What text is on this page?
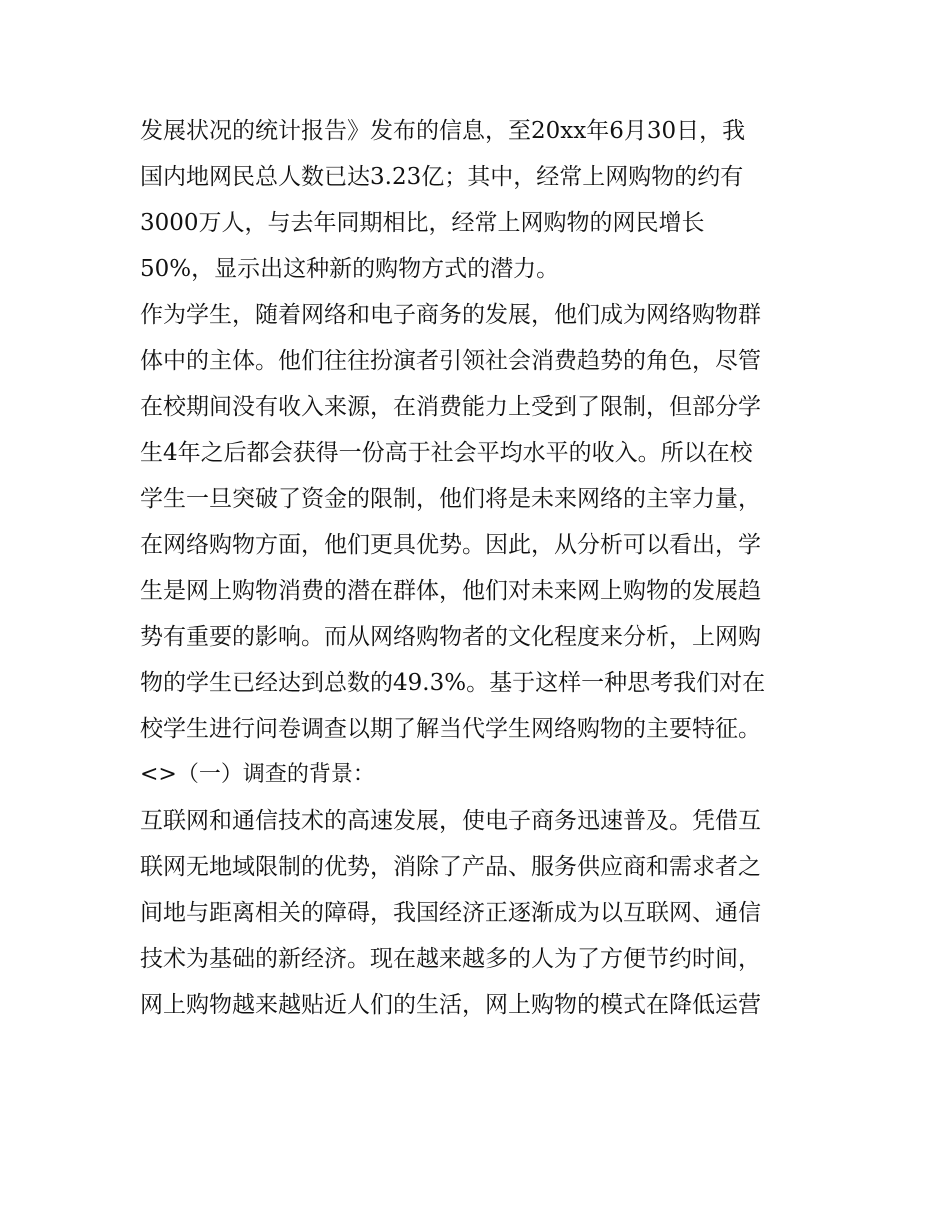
发展状况的统计报告》发布的信息，至20xx年6月30日，我
国内地网民总人数已达3.23亿；其中，经常上网购物的约有
3000万人，与去年同期相比，经常上网购物的网民增长
50%，显示出这种新的购物方式的潜力。
作为学生，随着网络和电子商务的发展，他们成为网络购物群
体中的主体。他们往往扮演者引领社会消费趋势的角色，尽管
在校期间没有收入来源，在消费能力上受到了限制，但部分学
生4年之后都会获得一份高于社会平均水平的收入。所以在校
学生一旦突破了资金的限制，他们将是未来网络的主宰力量，
在网络购物方面，他们更具优势。因此，从分析可以看出，学
生是网上购物消费的潜在群体，他们对未来网上购物的发展趋
势有重要的影响。而从网络购物者的文化程度来分析，上网购
物的学生已经达到总数的49.3%。基于这样一种思考我们对在
校学生进行问卷调查以期了解当代学生网络购物的主要特征。
<>（一）调查的背景：
互联网和通信技术的高速发展，使电子商务迅速普及。凭借互
联网无地域限制的优势，消除了产品、服务供应商和需求者之
间地与距离相关的障碍，我国经济正逐渐成为以互联网、通信
技术为基础的新经济。现在越来越多的人为了方便节约时间，
网上购物越来越贴近人们的生活，网上购物的模式在降低运营
